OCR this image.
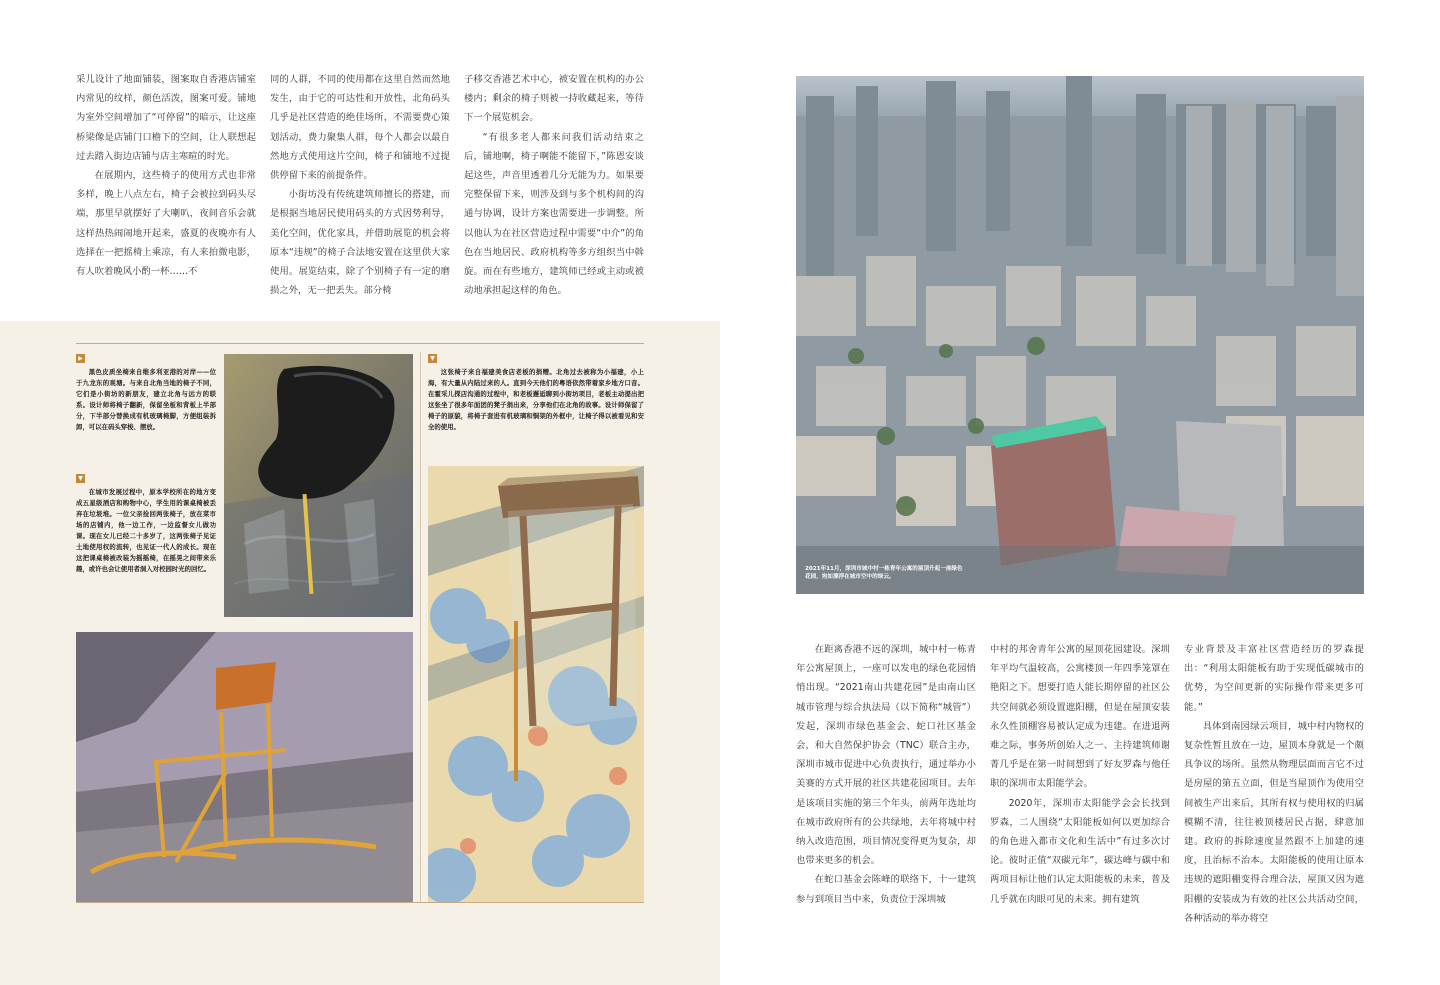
采儿设计了地面铺装，图案取自香港店铺室内常见的纹样，颜色活泼，图案可爱。铺地为室外空间增加了“可停留”的暗示，让这座桥梁像是店铺门口檐下的空间，让人联想起过去踏入街边店铺与店主寒暄的时光。

在展期内，这些椅子的使用方式也非常多样，晚上八点左右，椅子会被拉到码头尽端，那里早就摆好了大喇叭，夜间音乐会就这样热热闹闹地开起来，盛夏的夜晚亦有人选择在一把摇椅上乘凉，有人来拍微电影，有人吹着晚风小酌一杯……不

同的人群，不同的使用都在这里自然而然地发生，由于它的可达性和开放性，北角码头几乎是社区营造的绝佳场所，不需要费心策划活动，费力聚集人群，每个人都会以最自然地方式使用这片空间，椅子和铺地不过提供停留下来的前提条件。

小街坊没有传统建筑师擅长的搭建，而是根据当地居民使用码头的方式因势利导，美化空间，优化家具，并借助展览的机会将原本“违规”的椅子合法地安置在这里供大家使用。展览结束，除了个别椅子有一定的磨损之外，无一把丢失。部分椅

子移交香港艺术中心，被安置在机构的办公楼内；剩余的椅子则被一持收藏起来，等待下一个展览机会。

“有很多老人都来问我们活动结束之后，铺地啊，椅子啊能不能留下，”陈恩安谈起这些，声音里透着几分无能为力。如果要完整保留下来，则涉及到与多个机构间的沟通与协调，设计方案也需要进一步调整。所以他认为在社区营造过程中需要“中介”的角色在当地居民、政府机构等多方组织当中斡旋。而在有些地方，建筑师已经或主动或被动地承担起这样的角色。

▶

黑色皮质坐椅来自维多利亚港的对岸——位于九龙东的观塘。与来自北角当地的椅子不同，它们是小街坊的新朋友，建立北角与远方的联系。设计师将椅子翻新，保留坐板和背板上半部分，下半部分替换成有机玻璃椅脚，方便组装拆卸，可以在码头穿梭、摆放。

▼

在城市发展过程中，原本学校所在的地方变成五星级酒店和购物中心，学生用的课桌椅被丢弃在垃圾堆。一位父亲捡回两张椅子，放在菜市场的店铺内，他一边工作，一边监督女儿做功课。现在女儿已经二十多岁了，这两张椅子见证土地使用权的流转，也见证一代人的成长。现在这把课桌椅被改装为摇摇椅，在摇晃之间带来乐趣，或许也会让使用者洞入对校园时光的回忆。

▼

这张椅子来自福建美食店老板的捐赠。北角过去被称为小福建，小上海，有大量从内陆过来的人。直到今天他们的粤语依然带着家乡地方口音。在霍采儿探店沟通的过程中，和老板邂逅聊到小街坊项目，老板主动提出把这张坐了很多年面团的凳子捐出来，分享他们在北角的故事。设计师保留了椅子的原貌，将椅子套进有机玻璃和铜架的外框中，让椅子得以被看见和安全的使用。

2021年11月，深圳市城中村一栋青年公寓的屋顶升起一座绿色花园，宛如漂浮在城市空中的绿云。

在距离香港不远的深圳，城中村一栋青年公寓屋顶上，一座可以发电的绿色花园悄悄出现。“2021南山共建花园”是由南山区城市管理与综合执法局（以下简称“城管”）发起，深圳市绿色基金会、蛇口社区基金会，和大自然保护协会（TNC）联合主办，深圳市城市促进中心负责执行，通过举办小美赛的方式开展的社区共建花园项目。去年是该项目实施的第三个年头，前两年选址均在城市政府所有的公共绿地，去年将城中村纳入改造范围，项目情况变得更为复杂，却也带来更多的机会。

在蛇口基金会陈峰的联络下，十一建筑参与到项目当中来，负责位于深圳城

中村的邦舍青年公寓的屋顶花园建设。深圳年平均气温较高，公寓楼顶一年四季笼罩在艳阳之下。想要打造人能长期停留的社区公共空间就必须设置遮阳棚，但是在屋顶安装永久性顶棚容易被认定成为违建。在进退两难之际，事务所创始人之一、主持建筑师谢菁几乎是在第一时间想到了好友罗森与他任职的深圳市太阳能学会。

2020年，深圳市太阳能学会会长找到罗森，二人围绕“太阳能板如何以更加综合的角色进入都市文化和生活中”有过多次讨论。彼时正值“双碳元年”，碳达峰与碳中和两项目标让他们认定太阳能板的未来，普及几乎就在肉眼可见的未来。拥有建筑

专业背景及丰富社区营造经历的罗森提出：“利用太阳能板有助于实现低碳城市的优势，为空间更新的实际操作带来更多可能。”

具体到南园绿云项目，城中村内物权的复杂性暂且放在一边，屋顶本身就是一个颇具争议的场所。虽然从物理层面而言它不过是房屋的第五立面，但是当屋顶作为使用空间被生产出来后，其所有权与使用权的归属模糊不清，往往被顶楼居民占据，肆意加建。政府的拆除速度显然跟不上加建的速度，且治标不治本。太阳能板的使用让原本违规的遮阳棚变得合理合法，屋顶又因为遮阳棚的安装成为有效的社区公共活动空间，各种活动的举办将空
